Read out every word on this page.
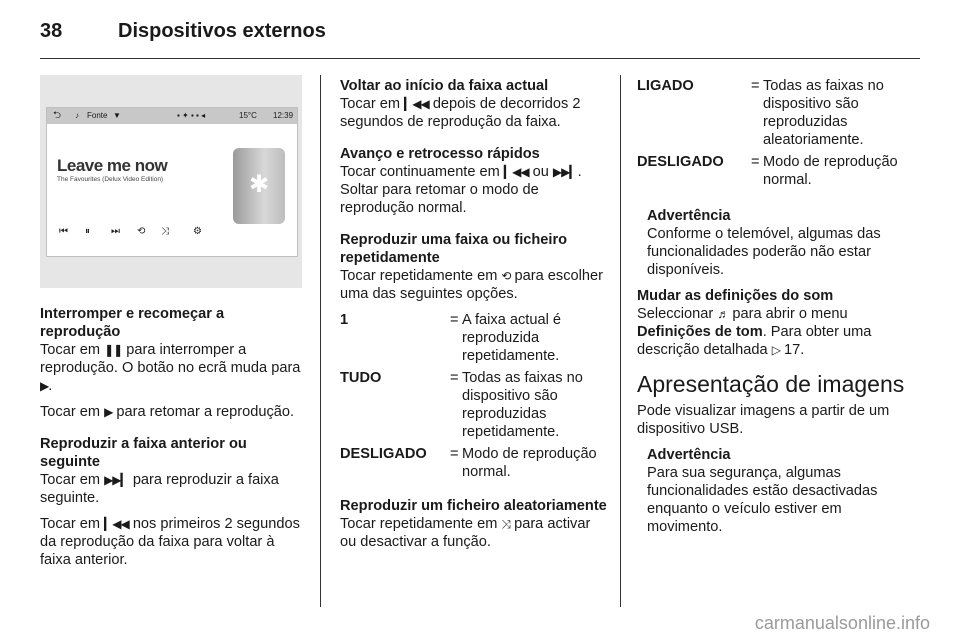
38	Dispositivos externos
⮌ ♪ Fonte ▼	▪ ✦ ▪ ▪ ◂	15°C 12:39
Leave me now
The Favourites (Delux Video Edition)
⏮ ⏸ ⏭ ⟲ ⤨ ⚙
✱

Interromper e recomeçar a reprodução
Tocar em ❚❚ para interromper a reprodução. O botão no ecrã muda para ▶.

Tocar em ▶ para retomar a reprodução.

Reproduzir a faixa anterior ou seguinte
Tocar em ▶▶▎ para reproduzir a faixa seguinte.

Tocar em ▎◀◀ nos primeiros 2 segundos da reprodução da faixa para voltar à faixa anterior.

Voltar ao início da faixa actual
Tocar em ▎◀◀ depois de decorridos 2 segundos de reprodução da faixa.

Avanço e retrocesso rápidos
Tocar continuamente em ▎◀◀ ou ▶▶▎. Soltar para retomar o modo de reprodução normal.

Reproduzir uma faixa ou ficheiro repetidamente
Tocar repetidamente em ⟲ para escolher uma das seguintes opções.

1	=	A faixa actual é reproduzida repetidamente.
TUDO	=	Todas as faixas no dispositivo são reproduzidas repetidamente.
DESLIGADO	=	Modo de reprodução normal.

Reproduzir um ficheiro aleatoriamente
Tocar repetidamente em ⤨ para activar ou desactivar a função.

LIGADO	=	Todas as faixas no dispositivo são reproduzidas aleatoriamente.
DESLIGADO	=	Modo de reprodução normal.

Advertência
Conforme o telemóvel, algumas das funcionalidades poderão não estar disponíveis.

Mudar as definições do som
Seleccionar ♬ para abrir o menu Definições de tom. Para obter uma descrição detalhada ▷ 17.

Apresentação de imagens

Pode visualizar imagens a partir de um dispositivo USB.

Advertência
Para sua segurança, algumas funcionalidades estão desactivadas enquanto o veículo estiver em movimento.

carmanualsonline.info
